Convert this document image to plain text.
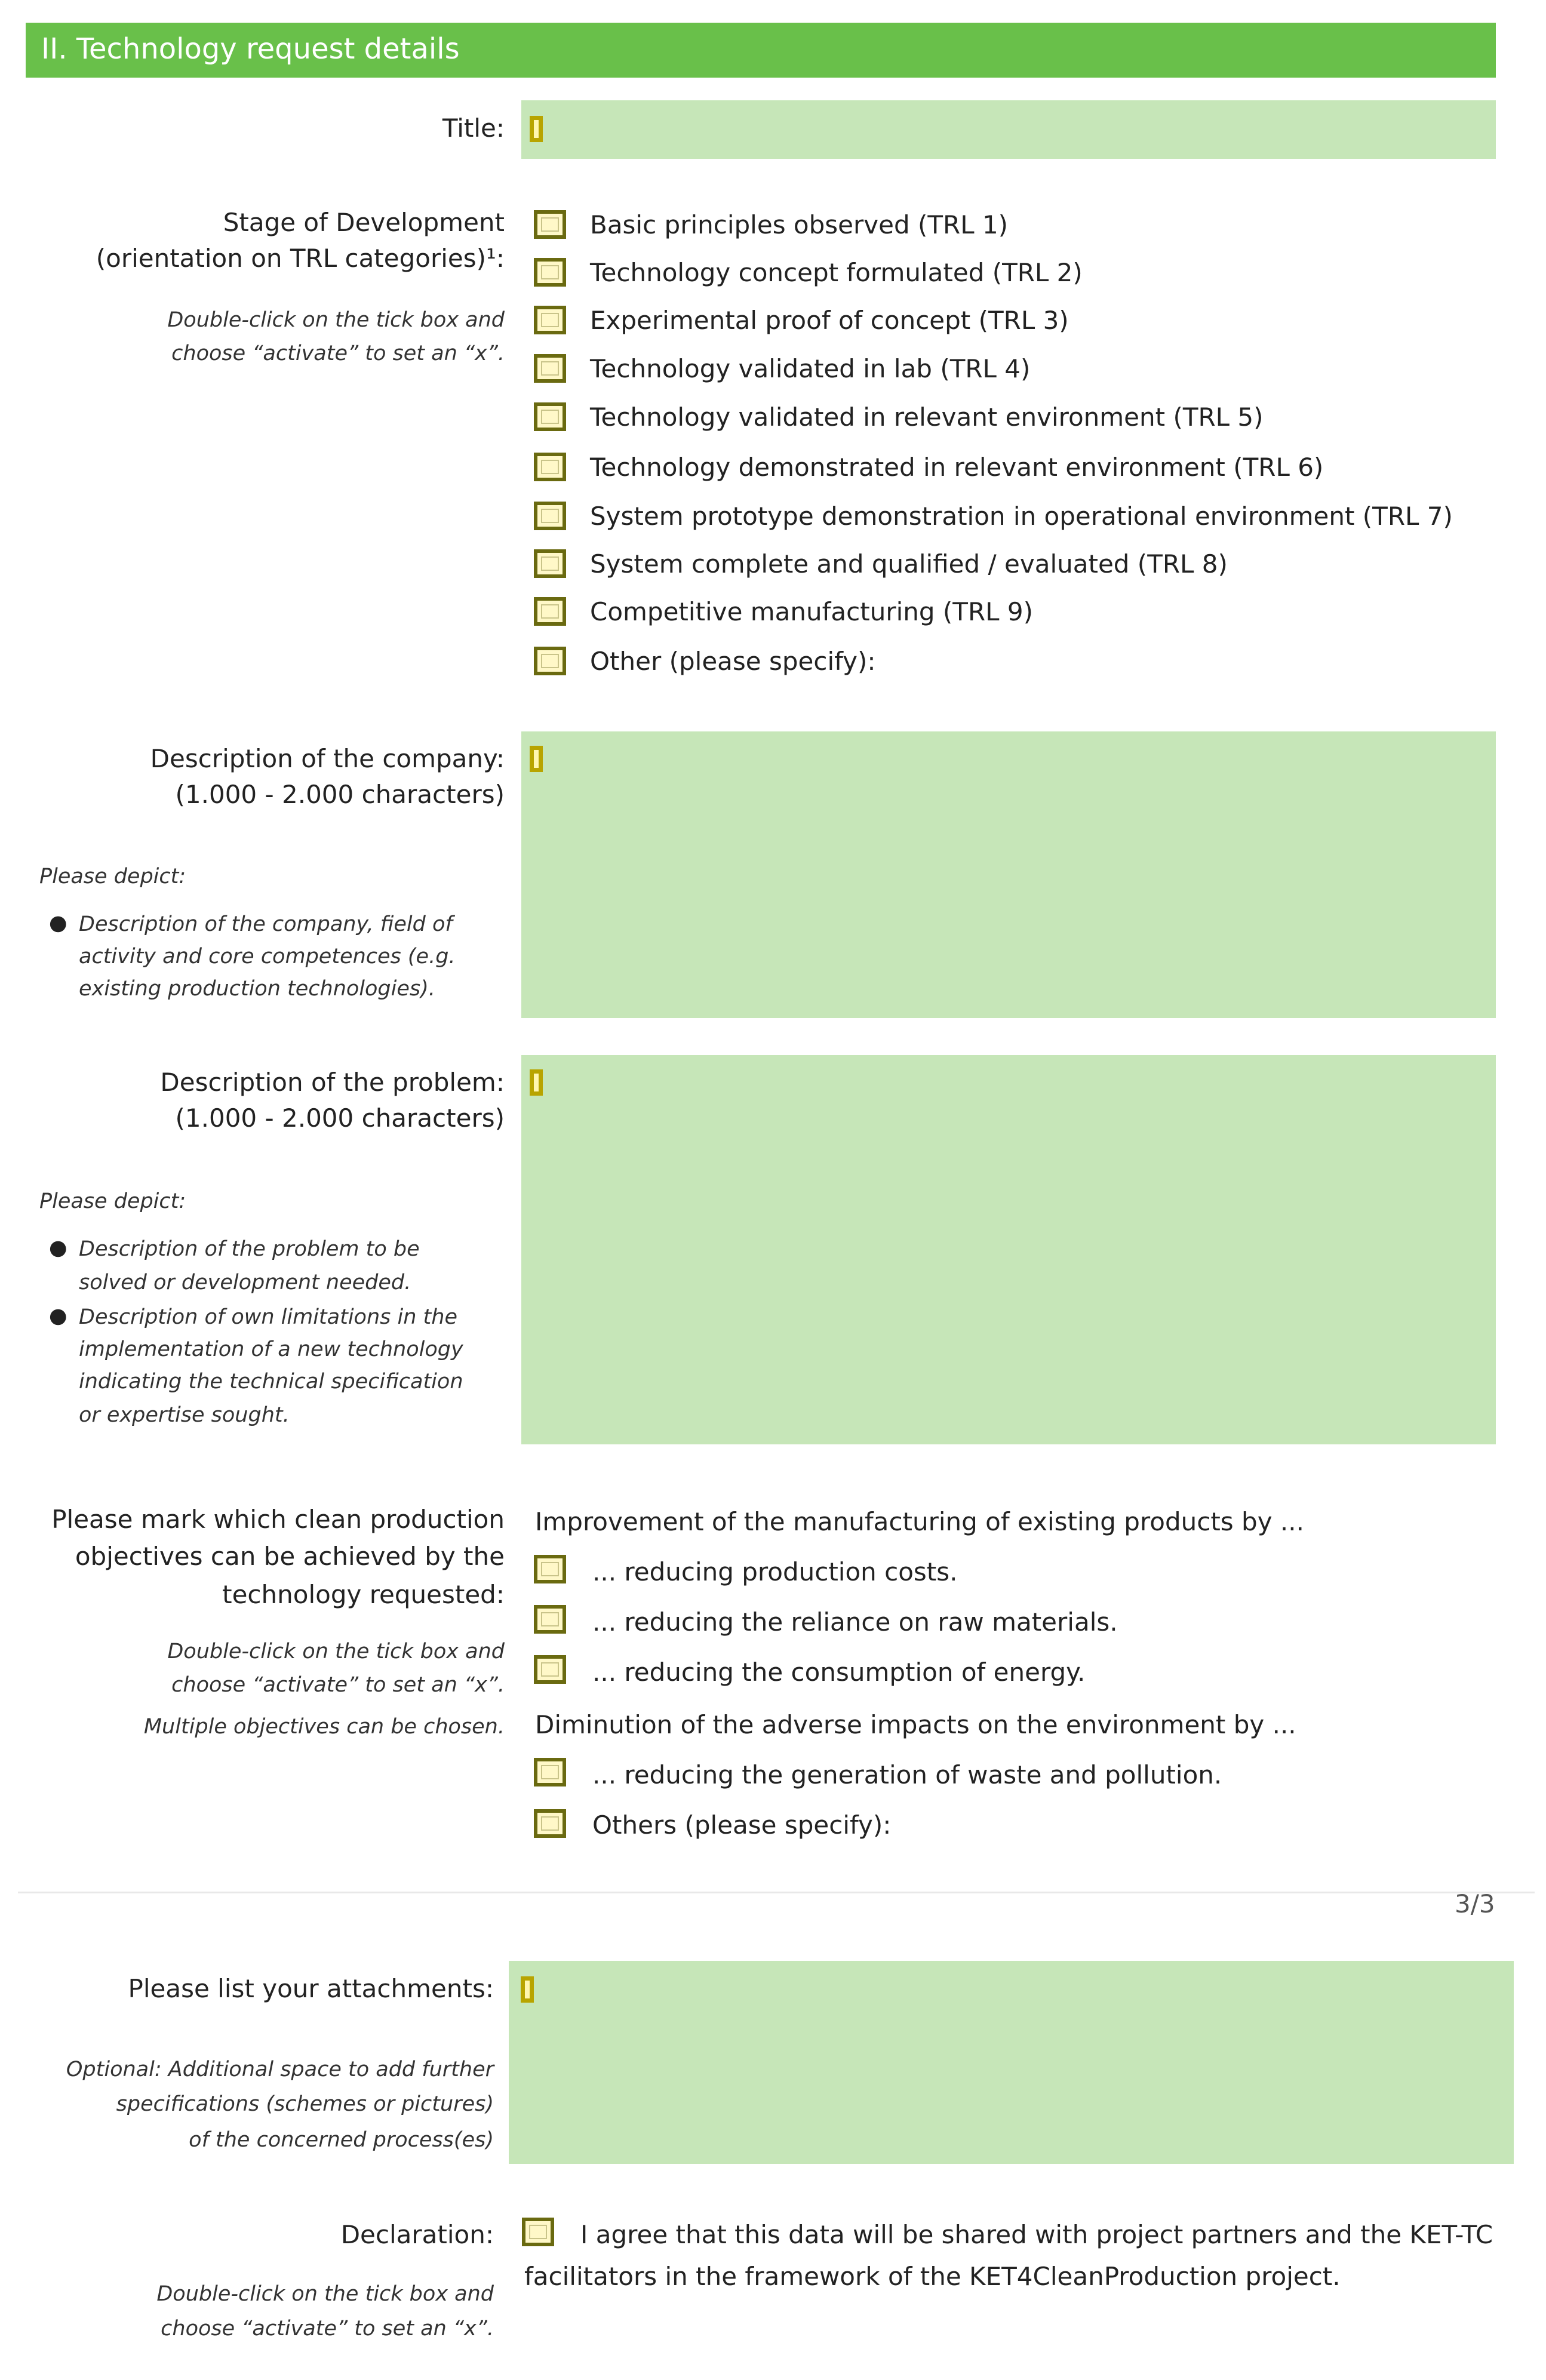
II. Technology request details
Title:
Stage of Development
(orientation on TRL categories)¹:
Double-click on the tick box and
choose “activate” to set an “x”.
Basic principles observed (TRL 1)
Technology concept formulated (TRL 2)
Experimental proof of concept (TRL 3)
Technology validated in lab (TRL 4)
Technology validated in relevant environment (TRL 5)
Technology demonstrated in relevant environment (TRL 6)
System prototype demonstration in operational environment (TRL 7)
System complete and qualified / evaluated (TRL 8)
Competitive manufacturing (TRL 9)
Other (please specify):
Description of the company:
(1.000 - 2.000 characters)
Please depict:
● Description of the company, field of
activity and core competences (e.g.
existing production technologies).
Description of the problem:
(1.000 - 2.000 characters)
Please depict:
● Description of the problem to be
solved or development needed.
● Description of own limitations in the
implementation of a new technology
indicating the technical specification
or expertise sought.
Please mark which clean production
objectives can be achieved by the
technology requested:
Double-click on the tick box and
choose “activate” to set an “x”.
Multiple objectives can be chosen.
Improvement of the manufacturing of existing products by ...
... reducing production costs.
... reducing the reliance on raw materials.
... reducing the consumption of energy.
Diminution of the adverse impacts on the environment by ...
... reducing the generation of waste and pollution.
Others (please specify):
3/3
Please list your attachments:
Optional: Additional space to add further
specifications (schemes or pictures)
of the concerned process(es)
Declaration:	I agree that this data will be shared with project partners and the KET-TC
facilitators in the framework of the KET4CleanProduction project.
Double-click on the tick box and
choose “activate” to set an “x”.
